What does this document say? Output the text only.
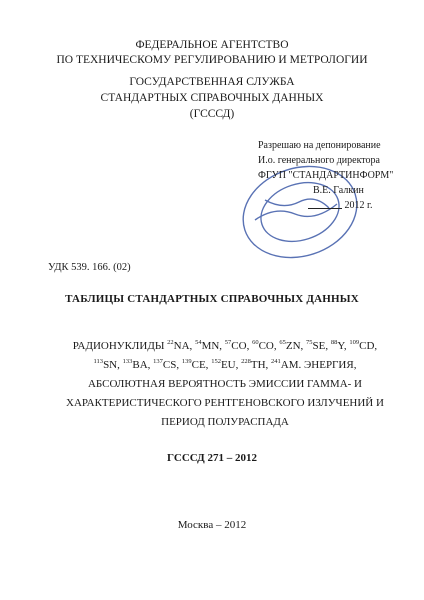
ФЕДЕРАЛЬНОЕ АГЕНТСТВО
ПО ТЕХНИЧЕСКОМУ РЕГУЛИРОВАНИЮ И МЕТРОЛОГИИ
ГОСУДАРСТВЕННАЯ СЛУЖБА
СТАНДАРТНЫХ СПРАВОЧНЫХ ДАННЫХ
(ГСССД)
Разрешаю на депонирование
И.о. генерального директора
ФГУП "СТАНДАРТИНФОРМ"
В.Е. Галкин
2012 г.
УДК 539. 166. (02)
ТАБЛИЦЫ СТАНДАРТНЫХ СПРАВОЧНЫХ ДАННЫХ
РАДИОНУКЛИДЫ $^{22}$NA, $^{54}$MN, $^{57}$CO, $^{60}$CO, $^{65}$ZN, $^{75}$SE, $^{88}$Y, $^{109}$CD, $^{113}$SN, $^{133}$BA, $^{137}$CS, $^{139}$CE, $^{152}$EU, $^{228}$TH, $^{241}$AM. ЭНЕРГИЯ, АБСОЛЮТНАЯ ВЕРОЯТНОСТЬ ЭМИССИИ ГАММА- И ХАРАКТЕРИСТИЧЕСКОГО РЕНТГЕНОВСКОГО ИЗЛУЧЕНИЙ И ПЕРИОД ПОЛУРАСПАДА
ГСССД 271 – 2012
Москва – 2012
